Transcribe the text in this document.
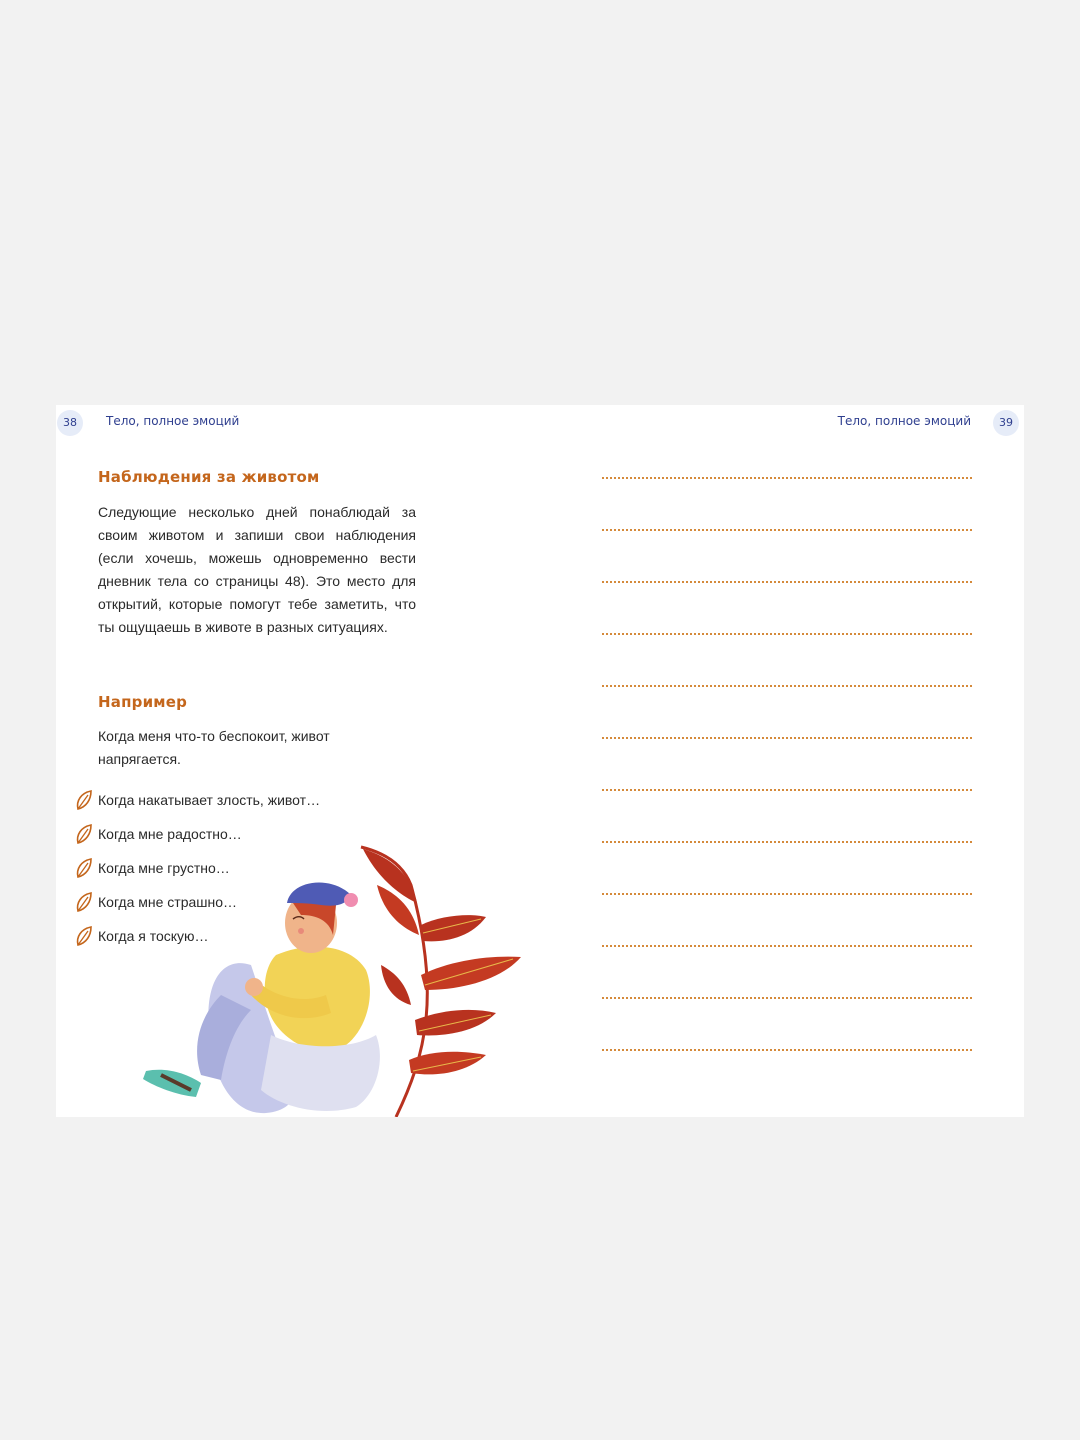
38	Тело, полное эмоций	Тело, полное эмоций	39
Наблюдения за животом

Следующие несколько дней понаблюдай за своим животом и запиши свои наблюдения (если хочешь, можешь одновременно вести дневник тела со страницы 48). Это место для открытий, которые помогут тебе заметить, что ты ощущаешь в животе в разных ситуациях.

Например

Когда меня что-то беспокоит, живот напрягается.

Когда накатывает злость, живот…
Когда мне радостно…
Когда мне грустно…
Когда мне страшно…
Когда я тоскую…
